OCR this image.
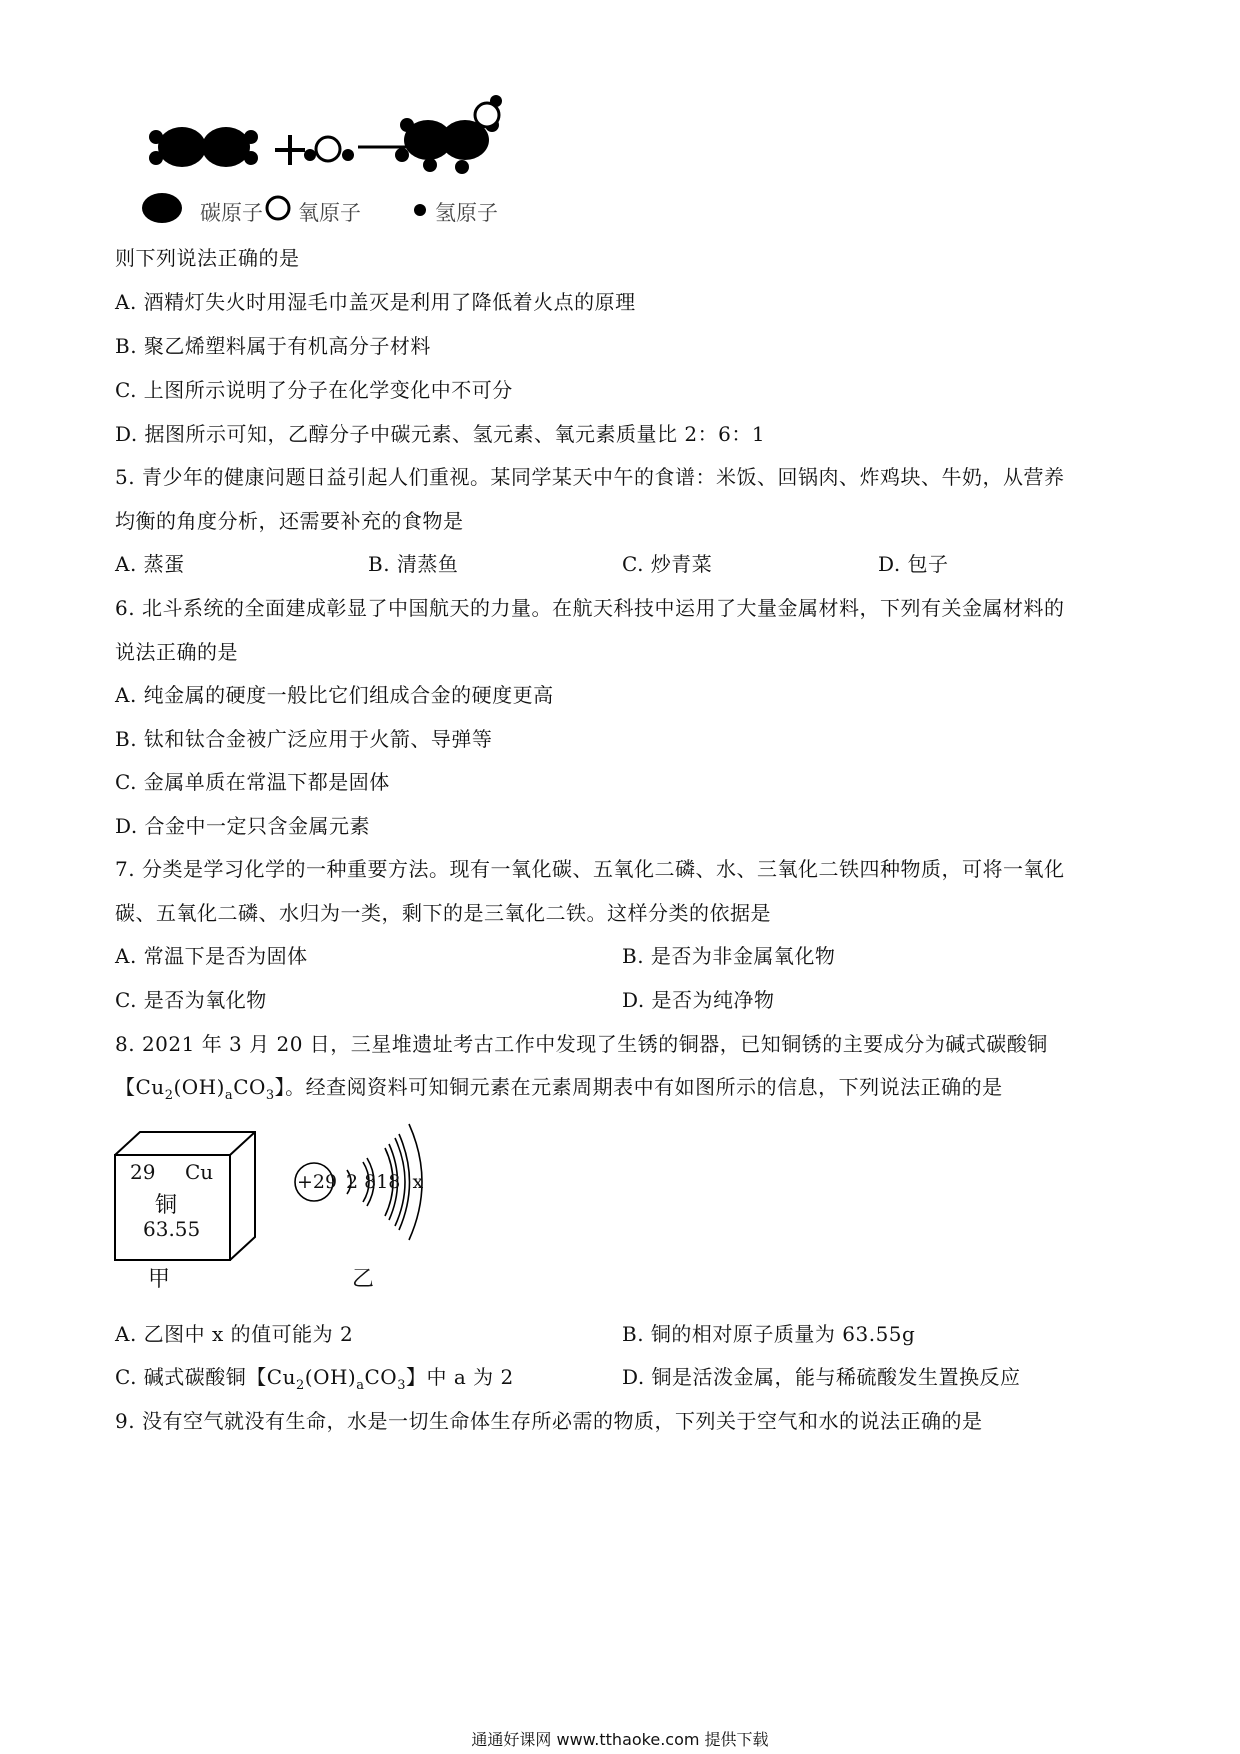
碳原子 氧原子	氢原子
则下列说法正确的是
A. 酒精灯失火时用湿毛巾盖灭是利用了降低着火点的原理
B. 聚乙烯塑料属于有机高分子材料
C. 上图所示说明了分子在化学变化中不可分
D. 据图所示可知，乙醇分子中碳元素、氢元素、氧元素质量比 2：6：1
5. 青少年的健康问题日益引起人们重视。某同学某天中午的食谱：米饭、回锅肉、炸鸡块、牛奶，从营养
均衡的角度分析，还需要补充的食物是
A. 蒸蛋	B. 清蒸鱼	C. 炒青菜	D. 包子
6. 北斗系统的全面建成彰显了中国航天的力量。在航天科技中运用了大量金属材料，下列有关金属材料的
说法正确的是
A. 纯金属的硬度一般比它们组成合金的硬度更高
B. 钛和钛合金被广泛应用于火箭、导弹等
C. 金属单质在常温下都是固体
D. 合金中一定只含金属元素
7. 分类是学习化学的一种重要方法。现有一氧化碳、五氧化二磷、水、三氧化二铁四种物质，可将一氧化
碳、五氧化二磷、水归为一类，剩下的是三氧化二铁。这样分类的依据是
A. 常温下是否为固体	B. 是否为非金属氧化物
C. 是否为氧化物	D. 是否为纯净物
8. 2021 年 3 月 20 日，三星堆遗址考古工作中发现了生锈的铜器，已知铜锈的主要成分为碱式碳酸铜
【$Cu_2(OH)_aCO_3$】。经查阅资料可知铜元素在元素周期表中有如图所示的信息，下列说法正确的是
29 Cu
铜
63.55
甲
+29 2 818  x
乙
A. 乙图中 x 的值可能为 2	B. 铜的相对原子质量为 63.55g
C. 碱式碳酸铜【$Cu_2(OH)_aCO_3$】中 a 为 2	D. 铜是活泼金属，能与稀硫酸发生置换反应
9. 没有空气就没有生命，水是一切生命体生存所必需的物质，下列关于空气和水的说法正确的是
通通好课网 www.tthaoke.com 提供下载
